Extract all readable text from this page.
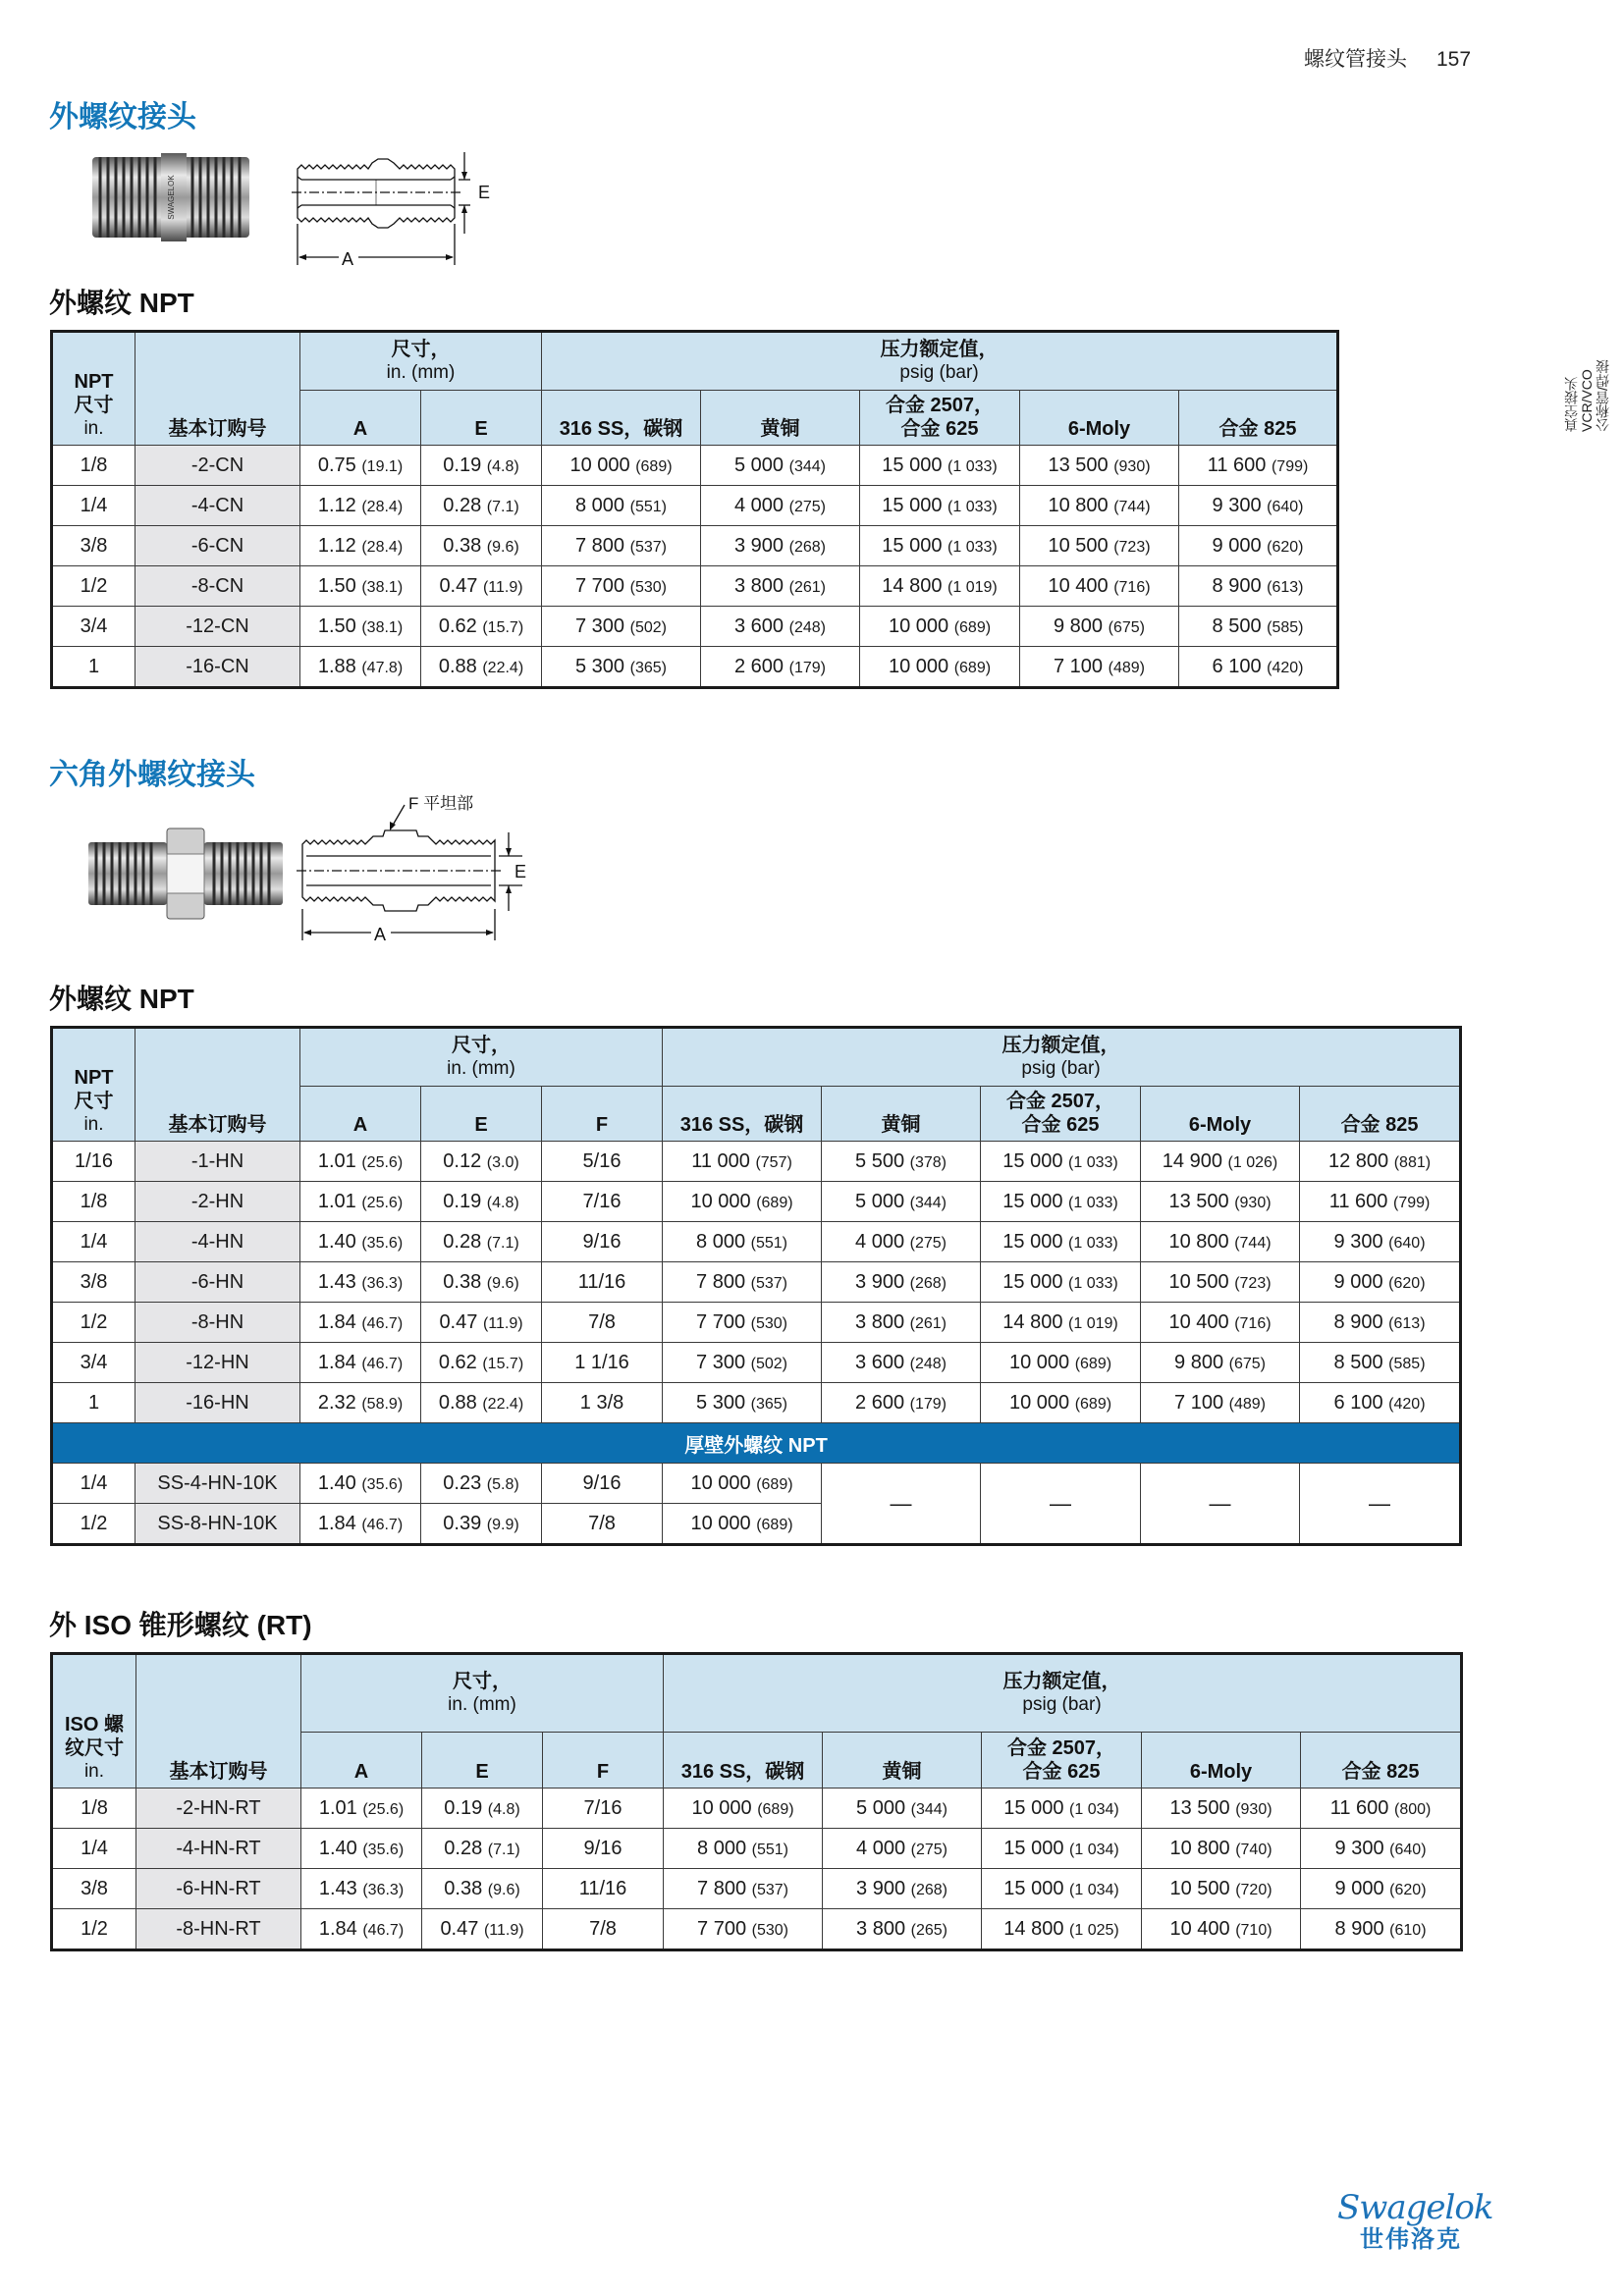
螺纹管接头 157
公称管/焊接
VCR/VCO
真空接头
外螺纹接头
SWAGELOK	E
A
外螺纹 NPT
NPT
尺寸
in.	基本订购号	尺寸，
in. (mm)		压力额定值，
psig (bar)				

		A	E	316 SS，碳钢	黄铜	合金 2507，
合金 625	6-Moly	合金 825
1/8	-2-CN	0.75 (19.1)	0.19 (4.8)	10 000 (689)	5 000 (344)	15 000 (1 033)	13 500 (930)	11 600 (799)
1/4	-4-CN	1.12 (28.4)	0.28 (7.1)	8 000 (551)	4 000 (275)	15 000 (1 033)	10 800 (744)	9 300 (640)
3/8	-6-CN	1.12 (28.4)	0.38 (9.6)	7 800 (537)	3 900 (268)	15 000 (1 033)	10 500 (723)	9 000 (620)
1/2	-8-CN	1.50 (38.1)	0.47 (11.9)	7 700 (530)	3 800 (261)	14 800 (1 019)	10 400 (716)	8 900 (613)
3/4	-12-CN	1.50 (38.1)	0.62 (15.7)	7 300 (502)	3 600 (248)	10 000 (689)	9 800 (675)	8 500 (585)
1	-16-CN	1.88 (47.8)	0.88 (22.4)	5 300 (365)	2 600 (179)	10 000 (689)	7 100 (489)	6 100 (420)
六角外螺纹接头
E
A
F 平坦部
外螺纹 NPT
NPT
尺寸
in.	基本订购号	尺寸，
in. (mm)			压力额定值，
psig (bar)				

		A	E	F	316 SS，碳钢	黄铜	合金 2507，
合金 625	6-Moly	合金 825
1/16	-1-HN	1.01 (25.6)	0.12 (3.0)	5/16	11 000 (757)	5 500 (378)	15 000 (1 033)	14 900 (1 026)	12 800 (881)
1/8	-2-HN	1.01 (25.6)	0.19 (4.8)	7/16	10 000 (689)	5 000 (344)	15 000 (1 033)	13 500 (930)	11 600 (799)
1/4	-4-HN	1.40 (35.6)	0.28 (7.1)	9/16	8 000 (551)	4 000 (275)	15 000 (1 033)	10 800 (744)	9 300 (640)
3/8	-6-HN	1.43 (36.3)	0.38 (9.6)	11/16	7 800 (537)	3 900 (268)	15 000 (1 033)	10 500 (723)	9 000 (620)
1/2	-8-HN	1.84 (46.7)	0.47 (11.9)	7/8	7 700 (530)	3 800 (261)	14 800 (1 019)	10 400 (716)	8 900 (613)
3/4	-12-HN	1.84 (46.7)	0.62 (15.7)	1 1/16	7 300 (502)	3 600 (248)	10 000 (689)	9 800 (675)	8 500 (585)
1	-16-HN	2.32 (58.9)	0.88 (22.4)	1 3/8	5 300 (365)	2 600 (179)	10 000 (689)	7 100 (489)	6 100 (420)
厚壁外螺纹 NPT									
1/4	SS-4-HN-10K	1.40 (35.6)	0.23 (5.8)	9/16	10 000 (689)	—	—	—	—
1/2	SS-8-HN-10K	1.84 (46.7)	0.39 (9.9)	7/8	10 000 (689)				
外 ISO 锥形螺纹 (RT)
ISO 螺
纹尺寸
in.	基本订购号	尺寸，
in. (mm)			压力额定值，
psig (bar)				

		A	E	F	316 SS，碳钢	黄铜	合金 2507，
合金 625	6-Moly	合金 825
1/8	-2-HN-RT	1.01 (25.6)	0.19 (4.8)	7/16	10 000 (689)	5 000 (344)	15 000 (1 034)	13 500 (930)	11 600 (800)
1/4	-4-HN-RT	1.40 (35.6)	0.28 (7.1)	9/16	8 000 (551)	4 000 (275)	15 000 (1 034)	10 800 (740)	9 300 (640)
3/8	-6-HN-RT	1.43 (36.3)	0.38 (9.6)	11/16	7 800 (537)	3 900 (268)	15 000 (1 034)	10 500 (720)	9 000 (620)
1/2	-8-HN-RT	1.84 (46.7)	0.47 (11.9)	7/8	7 700 (530)	3 800 (265)	14 800 (1 025)	10 400 (710)	8 900 (610)
Swagelok
世伟洛克
